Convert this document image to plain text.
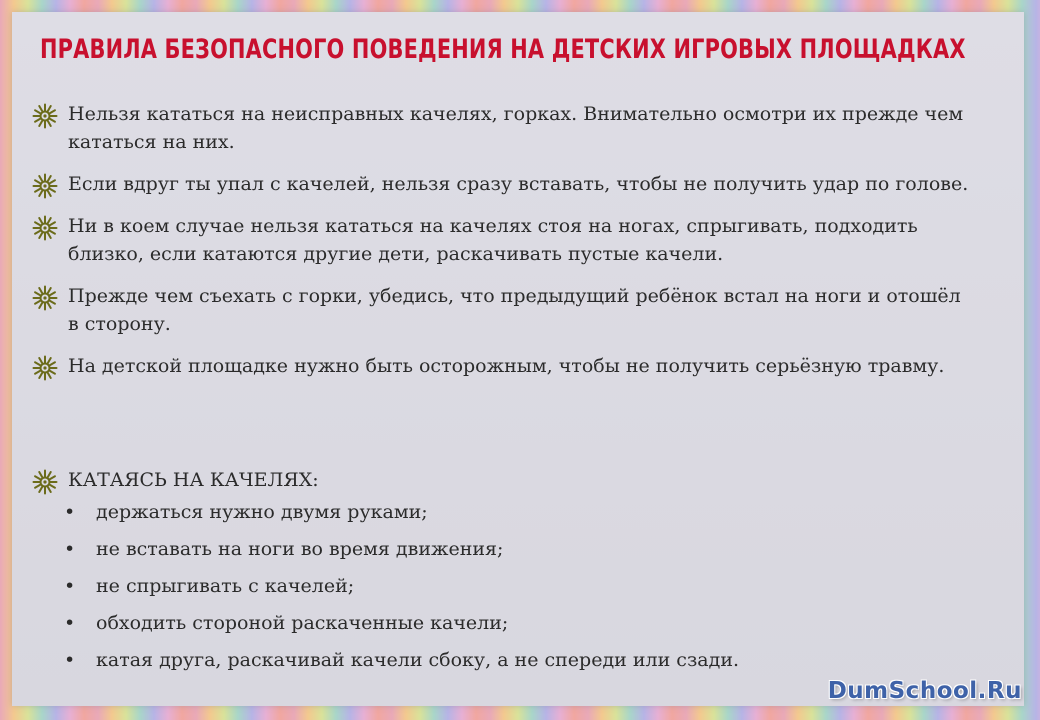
ПРАВИЛА БЕЗОПАСНОГО ПОВЕДЕНИЯ НА ДЕТСКИХ ИГРОВЫХ ПЛОЩАДКАХ
Нельзя кататься на неисправных качелях, горках. Внимательно осмотри их прежде чем кататься на них.
Если вдруг ты упал с качелей, нельзя сразу вставать, чтобы не получить удар по голове.
Ни в коем случае нельзя кататься на качелях стоя на ногах, спрыгивать, подходить близко, если катаются другие дети, раскачивать пустые качели.
Прежде чем съехать с горки, убедись, что предыдущий ребёнок встал на ноги и отошёл в сторону.
На детской площадке нужно быть осторожным, чтобы не получить серьёзную травму.
КАТАЯСЬ НА КАЧЕЛЯХ:
• держаться нужно двумя руками;
• не вставать на ноги во время движения;
• не спрыгивать с качелей;
• обходить стороной раскаченные качели;
• катая друга, раскачивай качели сбоку, а не спереди или сзади.
DumSchool.Ru
